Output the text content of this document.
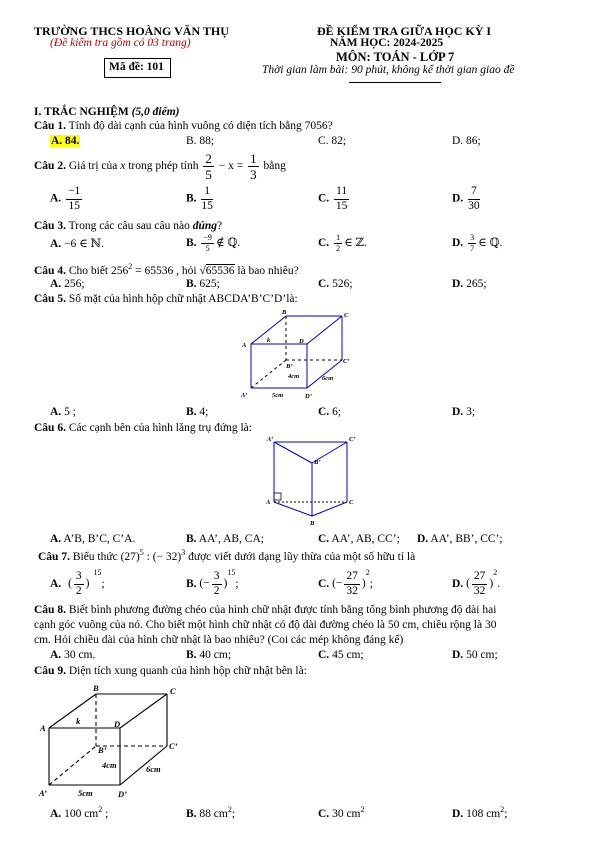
TRƯỜNG THCS HOÀNG VĂN THỤ
(Đề kiểm tra gồm có 03 trang)
Mã đề: 101
ĐỀ KIỂM TRA GIỮA HỌC KỲ I
NĂM HỌC: 2024-2025
MÔN: TOÁN - LỚP 7
Thời gian làm bài: 90 phút, không kể thời gian giao đề
I. TRẮC NGHIỆM (5,0 điểm)
Câu 1. Tính độ dài cạnh của hình vuông có diện tích bằng 7056?
A. 84.	B. 88;	C. 82;	D. 86;
Câu 2. Giá trị của x trong phép tính $\frac{2}{5} - x = \frac{1}{3}$ bằng
A. $\frac{-1}{15}$	B. $\frac{1}{15}$	C. $\frac{11}{15}$	D. $\frac{7}{30}$
Câu 3. Trong các câu sau câu nào đúng?
A. −6 ∈ ℕ.	B. $\frac{-9}{5}$ ∉ ℚ.	C. $\frac{1}{2}$ ∈ ℤ.	D. $\frac{3}{7}$ ∈ ℚ.
Câu 4. Cho biết $256^2 = 65536$ , hỏi √65536 là bao nhiêu?
A. 256;	B. 625;	C. 526;	D. 265;
Câu 5. Số mặt của hình hộp chữ nhật ABCDA’B’C’D’là:
B	C
A
D
k
B’
C’
4cm	6cm
A’	5cm	D’
A. 5 ;	B. 4;	C. 6;	D. 3;
Câu 6. Các cạnh bên của hình lăng trụ đứng là:
A’	C’
B’
A	C
B
A. A’B, B’C, C’A.	B. AA’, AB, CA;	C. AA’, AB, CC’; D. AA’, BB’, CC’;
Câu 7. Biểu thức $(27)^5$ : (− 32)$^3$ được viết dưới dạng lũy thừa của một số hữu tỉ là
A. ( $\frac{3}{2} )^{15}$;	B. (− $\frac{3}{2} )^{15}$;	C. (− $\frac{27}{32} )^2$;	D. ( $\frac{27}{32} )^2$.
Câu 8. Biết bình phương đường chéo của hình chữ nhật được tính bằng tổng bình phương độ dài hai
cạnh góc vuông của nó. Cho biết một hình chữ nhật có độ dài đường chéo là 50 cm, chiều rộng là 30
cm. Hỏi chiều dài của hình chữ nhật là bao nhiêu? (Coi các mép không đáng kể)
A. 30 cm.	B. 40 cm;	C. 45 cm;	D. 50 cm;
Câu 9. Diện tích xung quanh của hình hộp chữ nhật bên là:
B	C
A	D
k
B’	C’
4cm	6cm
A’	5cm	D’
A. 100 $cm^2$ ;	B. 88 $cm^2$;	C. 30 $cm^2$	D. 108 $cm^2$;
